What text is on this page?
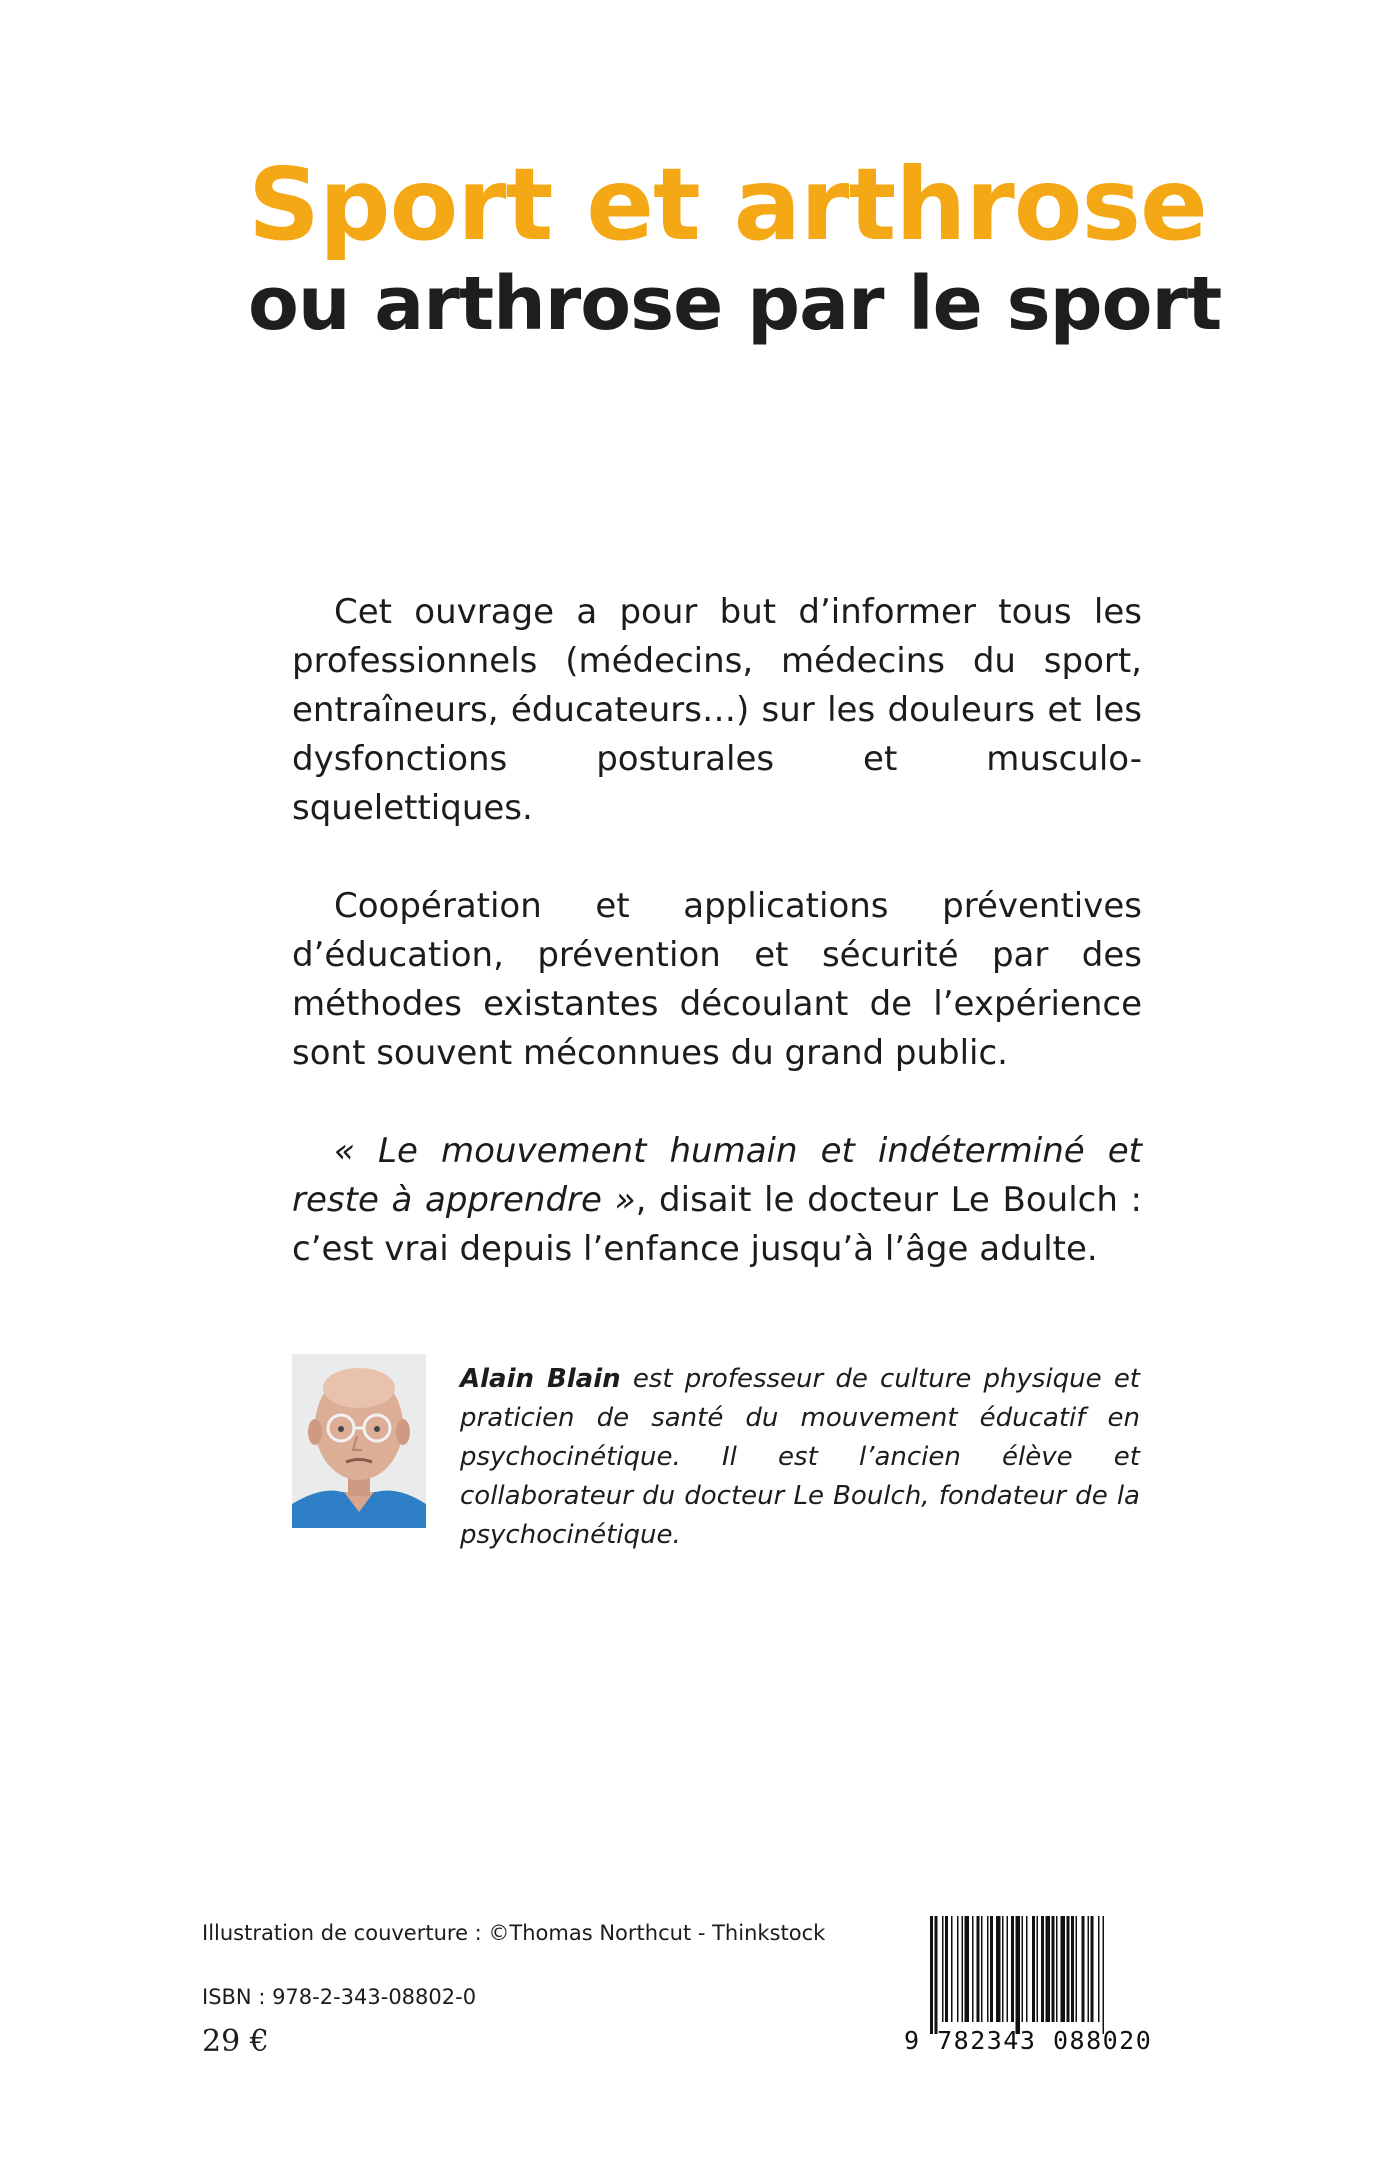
Sport et arthrose
ou arthrose par le sport

Cet ouvrage a pour but d’informer tous les professionnels (médecins, médecins du sport, entraîneurs, éducateurs…) sur les douleurs et les dysfonctions posturales et musculo-squelettiques.

Coopération et applications préventives d’éducation, prévention et sécurité par des méthodes existantes découlant de l’expérience sont souvent méconnues du grand public.

« Le mouvement humain et indéterminé et reste à apprendre », disait le docteur Le Boulch : c’est vrai depuis l’enfance jusqu’à l’âge adulte.

Alain Blain est professeur de culture physique et praticien de santé du mouvement éducatif en psychocinétique. Il est l’ancien élève et collaborateur du docteur Le Boulch, fondateur de la psychocinétique.
Illustration de couverture : ©Thomas Northcut - Thinkstock
ISBN : 978-2-343-08802-0
29 €	9 782343 088020
